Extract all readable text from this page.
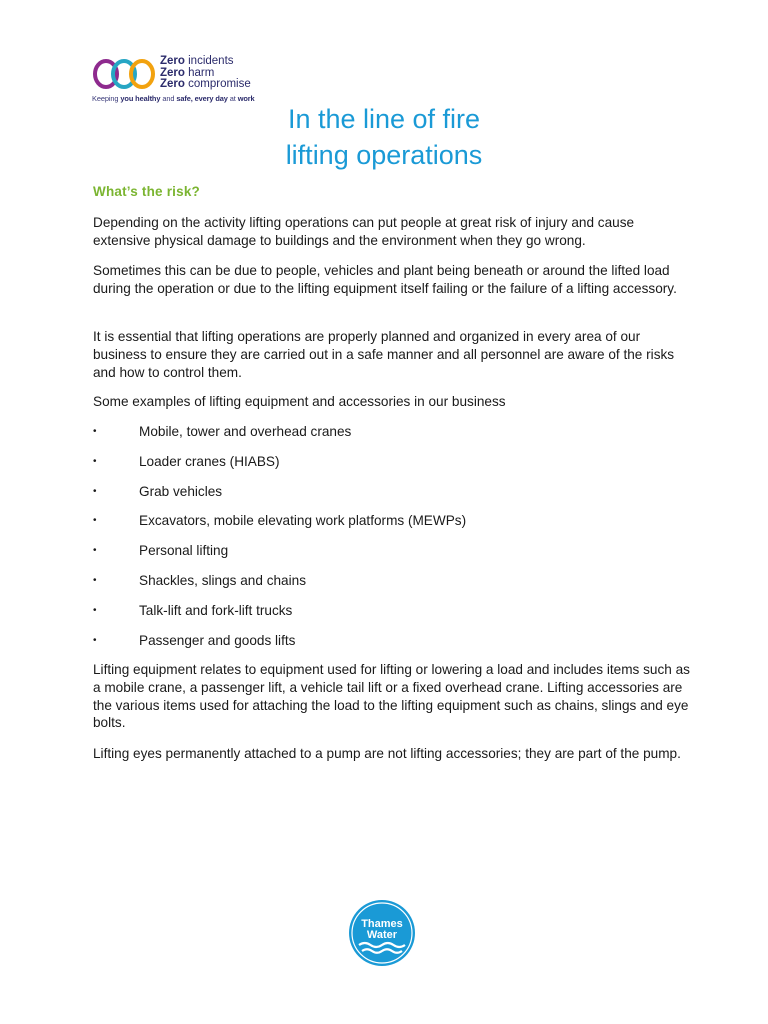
Zero incidents
Zero harm
Zero compromise
Keeping you healthy and safe, every day at work
In the line of fire
lifting operations
What’s the risk?

Depending on the activity lifting operations can put people at great risk of injury and cause extensive physical damage to buildings and the environment when they go wrong.

Sometimes this can be due to people, vehicles and plant being beneath or around the lifted load during the operation or due to the lifting equipment itself failing or the failure of a lifting accessory.

It is essential that lifting operations are properly planned and organized in every area of our business to ensure they are carried out in a safe manner and all personnel are aware of the risks and how to control them.

Some examples of lifting equipment and accessories in our business

•	Mobile, tower and overhead cranes
•	Loader cranes (HIABS)
•	Grab vehicles
•	Excavators, mobile elevating work platforms (MEWPs)
•	Personal lifting
•	Shackles, slings and chains
•	Talk-lift and fork-lift trucks
•	Passenger and goods lifts

Lifting equipment relates to equipment used for lifting or lowering a load and includes items such as a mobile crane, a passenger lift, a vehicle tail lift or a fixed overhead crane. Lifting accessories are the various items used for attaching the load to the lifting equipment such as chains, slings and eye bolts.

Lifting eyes permanently attached to a pump are not lifting accessories; they are part of the pump.

Thames
Water
